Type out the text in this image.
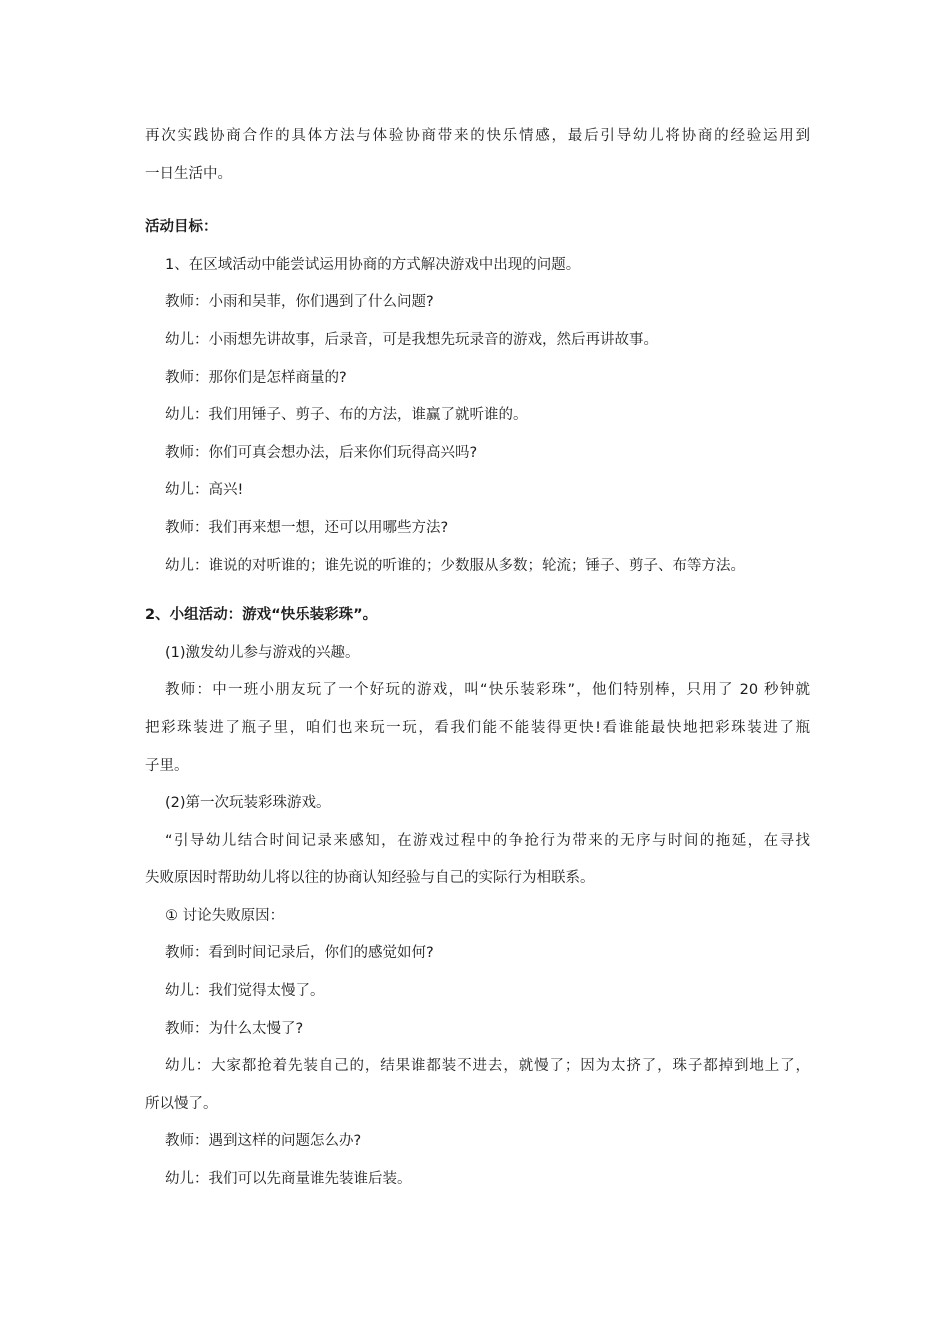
再次实践协商合作的具体方法与体验协商带来的快乐情感，最后引导幼儿将协商的经验运用到

一日生活中。

活动目标：

1、在区域活动中能尝试运用协商的方式解决游戏中出现的问题。

教师：小雨和吴菲，你们遇到了什么问题?

幼儿：小雨想先讲故事，后录音，可是我想先玩录音的游戏，然后再讲故事。

教师：那你们是怎样商量的?

幼儿：我们用锤子、剪子、布的方法，谁赢了就听谁的。

教师：你们可真会想办法，后来你们玩得高兴吗?

幼儿：高兴!

教师：我们再来想一想，还可以用哪些方法?

幼儿：谁说的对听谁的；谁先说的听谁的；少数服从多数；轮流；锤子、剪子、布等方法。

2、小组活动：游戏“快乐装彩珠”。

(1)激发幼儿参与游戏的兴趣。

教师：中一班小朋友玩了一个好玩的游戏，叫“快乐装彩珠”，他们特别棒，只用了 20 秒钟就

把彩珠装进了瓶子里，咱们也来玩一玩，看我们能不能装得更快!看谁能最快地把彩珠装进了瓶

子里。

(2)第一次玩装彩珠游戏。

“引导幼儿结合时间记录来感知，在游戏过程中的争抢行为带来的无序与时间的拖延，在寻找

失败原因时帮助幼儿将以往的协商认知经验与自己的实际行为相联系。

① 讨论失败原因：

教师：看到时间记录后，你们的感觉如何?

幼儿：我们觉得太慢了。

教师：为什么太慢了?

幼儿：大家都抢着先装自己的，结果谁都装不进去，就慢了；因为太挤了，珠子都掉到地上了，

所以慢了。

教师：遇到这样的问题怎么办?

幼儿：我们可以先商量谁先装谁后装。
